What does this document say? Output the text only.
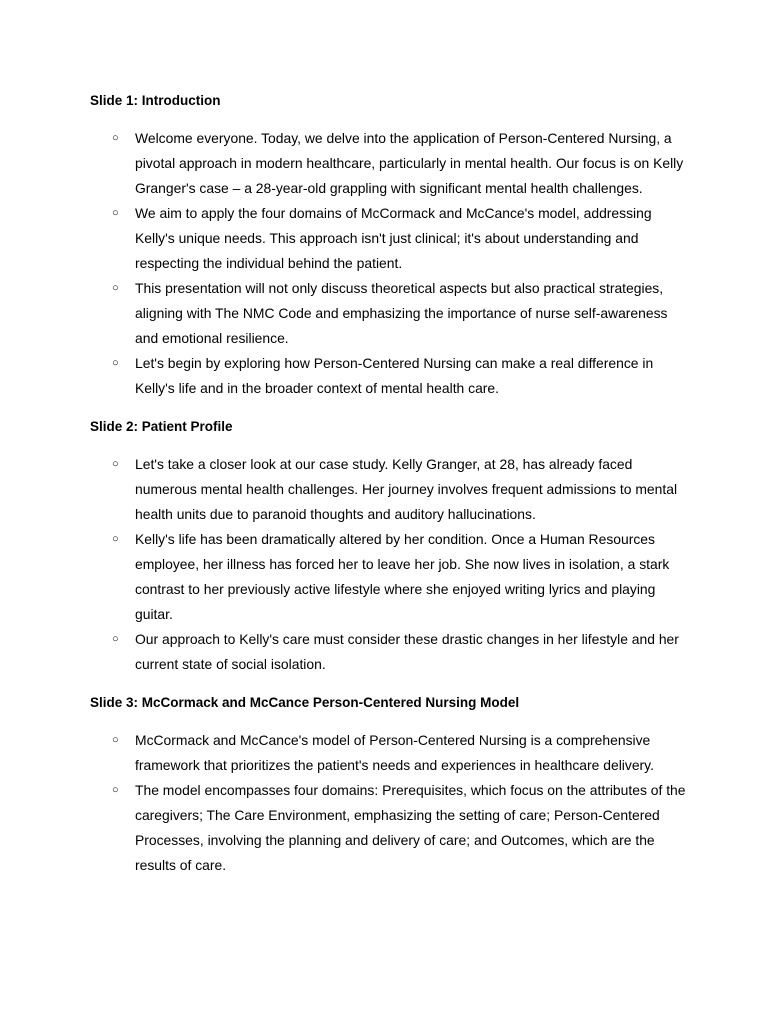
Slide 1: Introduction
○ Welcome everyone. Today, we delve into the application of Person-Centered Nursing, a pivotal approach in modern healthcare, particularly in mental health. Our focus is on Kelly Granger's case – a 28-year-old grappling with significant mental health challenges.
○ We aim to apply the four domains of McCormack and McCance's model, addressing Kelly's unique needs. This approach isn't just clinical; it's about understanding and respecting the individual behind the patient.
○ This presentation will not only discuss theoretical aspects but also practical strategies, aligning with The NMC Code and emphasizing the importance of nurse self-awareness and emotional resilience.
○ Let's begin by exploring how Person-Centered Nursing can make a real difference in Kelly's life and in the broader context of mental health care.
Slide 2: Patient Profile
○ Let's take a closer look at our case study. Kelly Granger, at 28, has already faced numerous mental health challenges. Her journey involves frequent admissions to mental health units due to paranoid thoughts and auditory hallucinations.
○ Kelly's life has been dramatically altered by her condition. Once a Human Resources employee, her illness has forced her to leave her job. She now lives in isolation, a stark contrast to her previously active lifestyle where she enjoyed writing lyrics and playing guitar.
○ Our approach to Kelly's care must consider these drastic changes in her lifestyle and her current state of social isolation.
Slide 3: McCormack and McCance Person-Centered Nursing Model
○ McCormack and McCance's model of Person-Centered Nursing is a comprehensive framework that prioritizes the patient's needs and experiences in healthcare delivery.
○ The model encompasses four domains: Prerequisites, which focus on the attributes of the caregivers; The Care Environment, emphasizing the setting of care; Person-Centered Processes, involving the planning and delivery of care; and Outcomes, which are the results of care.
